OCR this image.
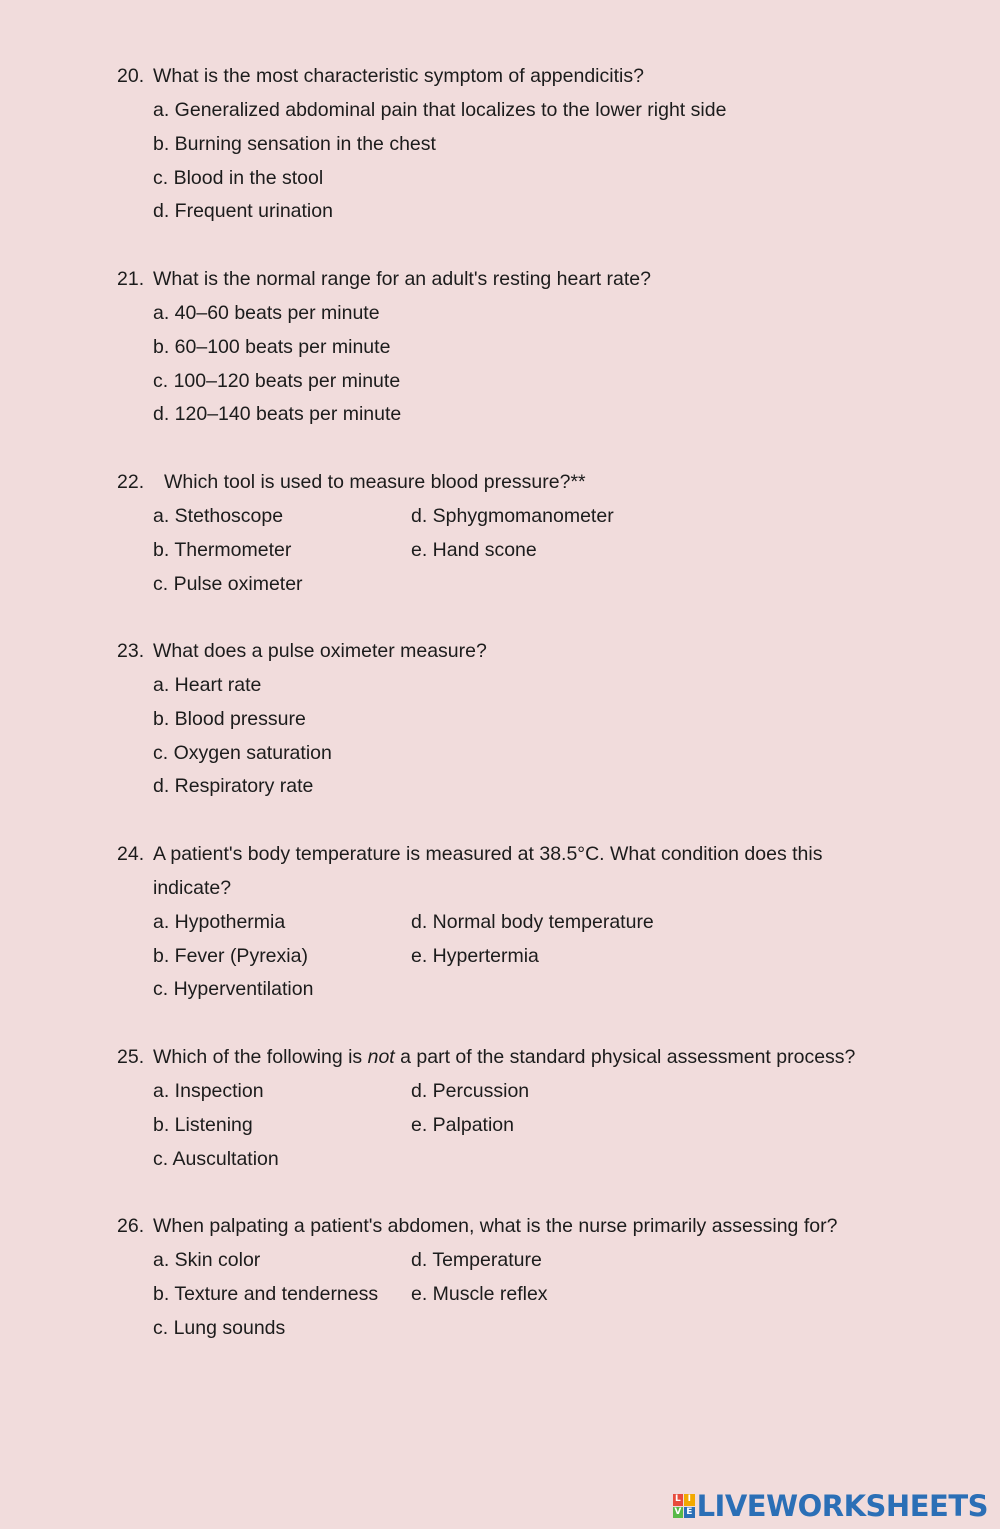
20. What is the most characteristic symptom of appendicitis?
a. Generalized abdominal pain that localizes to the lower right side
b. Burning sensation in the chest
c. Blood in the stool
d. Frequent urination
21. What is the normal range for an adult's resting heart rate?
a. 40–60 beats per minute
b. 60–100 beats per minute
c. 100–120 beats per minute
d. 120–140 beats per minute
22. Which tool is used to measure blood pressure?**
a. Stethoscope
b. Thermometer
c. Pulse oximeter
d. Sphygmomanometer
e. Hand scone
23. What does a pulse oximeter measure?
a. Heart rate
b. Blood pressure
c. Oxygen saturation
d. Respiratory rate
24. A patient's body temperature is measured at 38.5°C. What condition does this
indicate?
a. Hypothermia
b. Fever (Pyrexia)
c. Hyperventilation
d. Normal body temperature
e. Hypertermia
25. Which of the following is not a part of the standard physical assessment process?
a. Inspection
b. Listening
c. Auscultation
d. Percussion
e. Palpation
26. When palpating a patient's abdomen, what is the nurse primarily assessing for?
a. Skin color
b. Texture and tenderness
c. Lung sounds
d. Temperature
e. Muscle reflex
L I
V E LIVEWORKSHEETS
